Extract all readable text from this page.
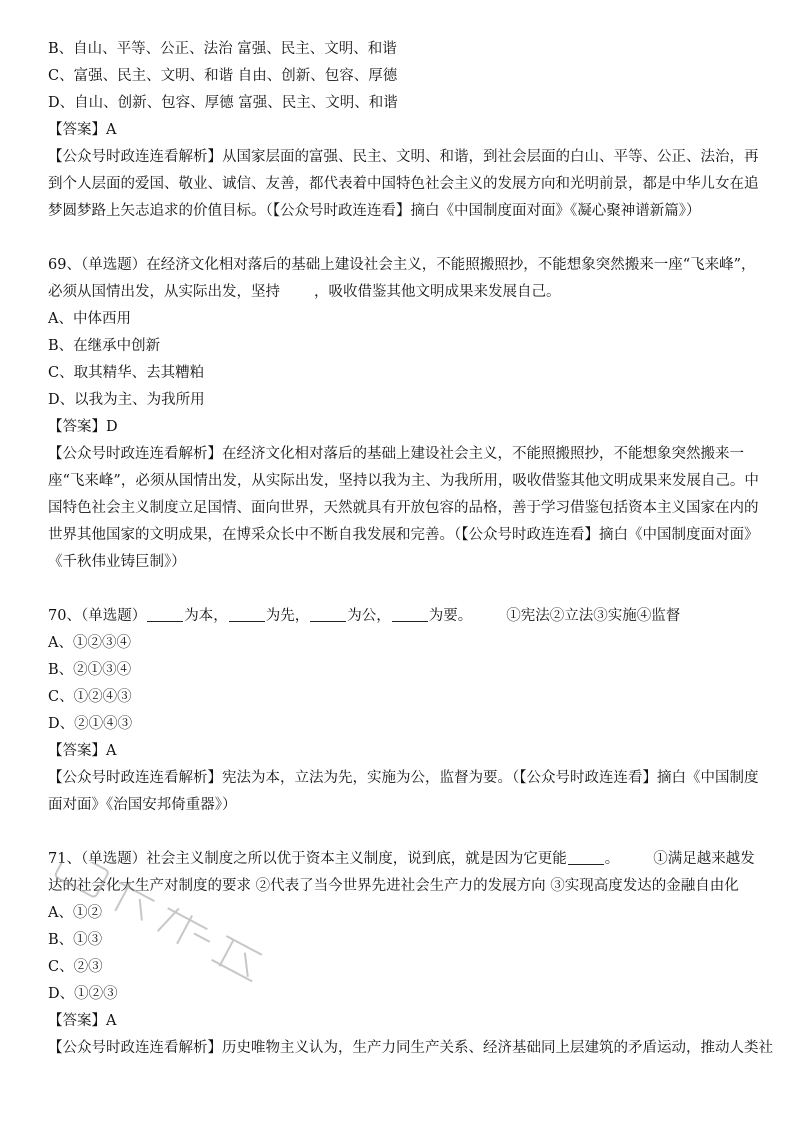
B、自山、平等、公正、法治 富强、民主、文明、和谐
C、富强、民主、文明、和谐 自由、创新、包容、厚德
D、自山、创新、包容、厚德 富强、民主、文明、和谐
【答案】A
【公众号时政连连看解析】从国家层面的富强、民主、文明、和谐，到社会层面的白山、平等、公正、法治，再到个人层面的爱国、敬业、诚信、友善，都代表着中国特色社会主义的发展方向和光明前景，都是中华儿女在追梦圆梦路上矢志追求的价值目标。（【公众号时政连连看】摘白《中国制度面对面》《凝心聚神谱新篇》）
69、（单选题）在经济文化相对落后的基础上建设社会主义，不能照搬照抄，不能想象突然搬来一座“飞来峰”，必须从国情出发，从实际出发，坚持 ，吸收借鉴其他文明成果来发展自己。
A、中体西用
B、在继承中创新
C、取其精华、去其糟粕
D、以我为主、为我所用
【答案】D
【公众号时政连连看解析】在经济文化相对落后的基础上建设社会主义，不能照搬照抄，不能想象突然搬来一座“飞来峰”，必须从国情出发，从实际出发，坚持以我为主、为我所用，吸收借鉴其他文明成果来发展自己。中国特色社会主义制度立足国情、面向世界，天然就具有开放包容的品格，善于学习借鉴包括资本主义国家在内的世界其他国家的文明成果，在博采众长中不断自我发展和完善。（【公众号时政连连看】摘白《中国制度面对面》《千秋伟业铸巨制》）
70、（单选题）	为本，	为先，	为公，	为要。 ①宪法②立法③实施④监督
A、①②③④
B、②①③④
C、①②④③
D、②①④③
【答案】A
【公众号时政连连看解析】宪法为本，立法为先，实施为公，监督为要。（【公众号时政连连看】摘白《中国制度面对面》《治国安邦倚重器》）
71、（单选题）社会主义制度之所以优于资本主义制度，说到底，就是因为它更能	。 ①满足越来越发达的社会化大生产对制度的要求 ②代表了当今世界先进社会生产力的发展方向 ③实现高度发达的金融自由化
A、①②
B、①③
C、②③
D、①②③
【答案】A
【公众号时政连连看解析】历史唯物主义认为，生产力同生产关系、经济基础同上层建筑的矛盾运动，推动人类社
